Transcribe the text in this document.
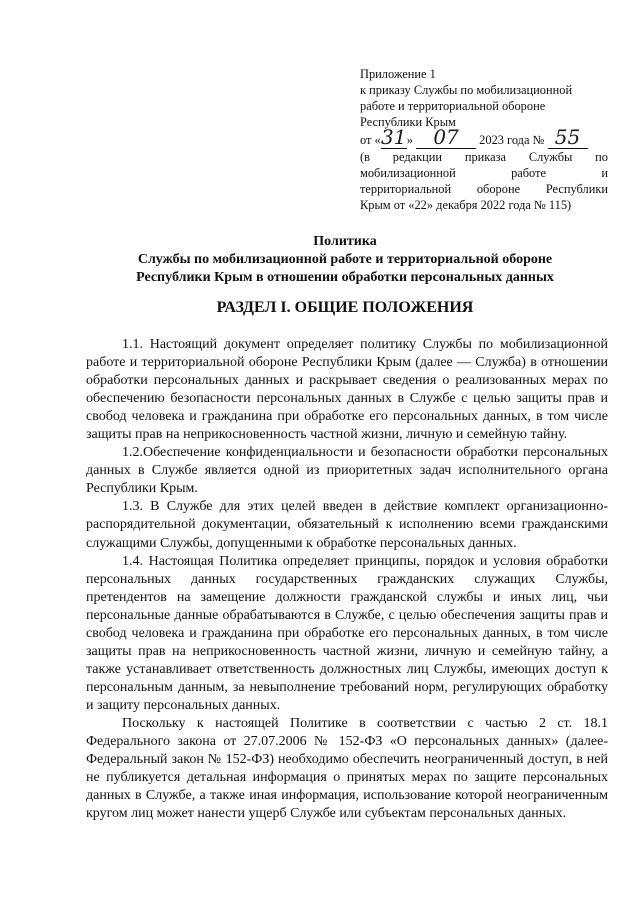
Приложение 1
к приказу Службы по мобилизационной
работе и территориальной обороне
Республики Крым
от «31» 07 2023 года № 55
(в редакции приказа Службы по
мобилизационной	работе	и
территориальной обороне Республики
Крым от «22» декабря 2022 года № 115)
Политика
Службы по мобилизационной работе и территориальной обороне
Республики Крым в отношении обработки персональных данных
РАЗДЕЛ I. ОБЩИЕ ПОЛОЖЕНИЯ

1.1. Настоящий документ определяет политику Службы по мобилизационной работе и территориальной обороне Республики Крым (далее — Служба) в отношении обработки персональных данных и раскрывает сведения о реализованных мерах по обеспечению безопасности персональных данных в Службе с целью защиты прав и свобод человека и гражданина при обработке его персональных данных, в том числе защиты прав на неприкосновенность частной жизни, личную и семейную тайну.

1.2.Обеспечение конфиденциальности и безопасности обработки персональных данных в Службе является одной из приоритетных задач исполнительного органа Республики Крым.

1.3. В Службе для этих целей введен в действие комплект организационно-распорядительной документации, обязательный к исполнению всеми гражданскими служащими Службы, допущенными к обработке персональных данных.

1.4. Настоящая Политика определяет принципы, порядок и условия обработки персональных данных государственных гражданских служащих Службы, претендентов на замещение должности гражданской службы и иных лиц, чьи персональные данные обрабатываются в Службе, с целью обеспечения защиты прав и свобод человека и гражданина при обработке его персональных данных, в том числе защиты прав на неприкосновенность частной жизни, личную и семейную тайну, а также устанавливает ответственность должностных лиц Службы, имеющих доступ к персональным данным, за невыполнение требований норм, регулирующих обработку и защиту персональных данных.

Поскольку к настоящей Политике в соответствии с частью 2 ст. 18.1 Федерального закона от 27.07.2006 № 152-ФЗ «О персональных данных» (далее-Федеральный закон № 152-ФЗ) необходимо обеспечить неограниченный доступ, в ней не публикуется детальная информация о принятых мерах по защите персональных данных в Службе, а также иная информация, использование которой неограниченным кругом лиц может нанести ущерб Службе или субъектам персональных данных.
